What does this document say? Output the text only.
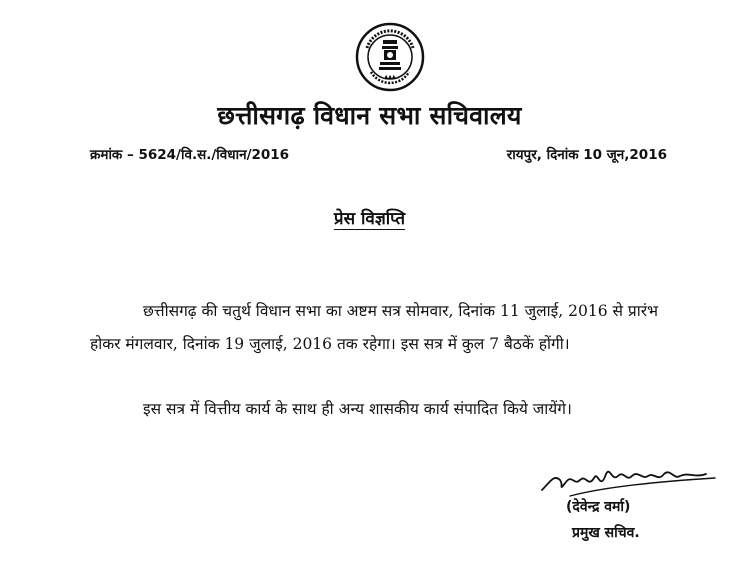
▲▲▲
छत्तीसगढ़ विधान सभा सचिवालय
क्रमांक – 5624/वि.स./विधान/2016	रायपुर, दिनांक 10 जून,2016
प्रेस विज्ञप्ति
छत्तीसगढ़ की चतुर्थ विधान सभा का अष्टम सत्र सोमवार, दिनांक 11 जुलाई, 2016 से प्रारंभ
होकर मंगलवार, दिनांक 19 जुलाई, 2016 तक रहेगा। इस सत्र में कुल 7 बैठकें होंगी।
इस सत्र में वित्तीय कार्य के साथ ही अन्य शासकीय कार्य संपादित किये जायेंगे।
(देवेन्द्र वर्मा)
प्रमुख सचिव.
